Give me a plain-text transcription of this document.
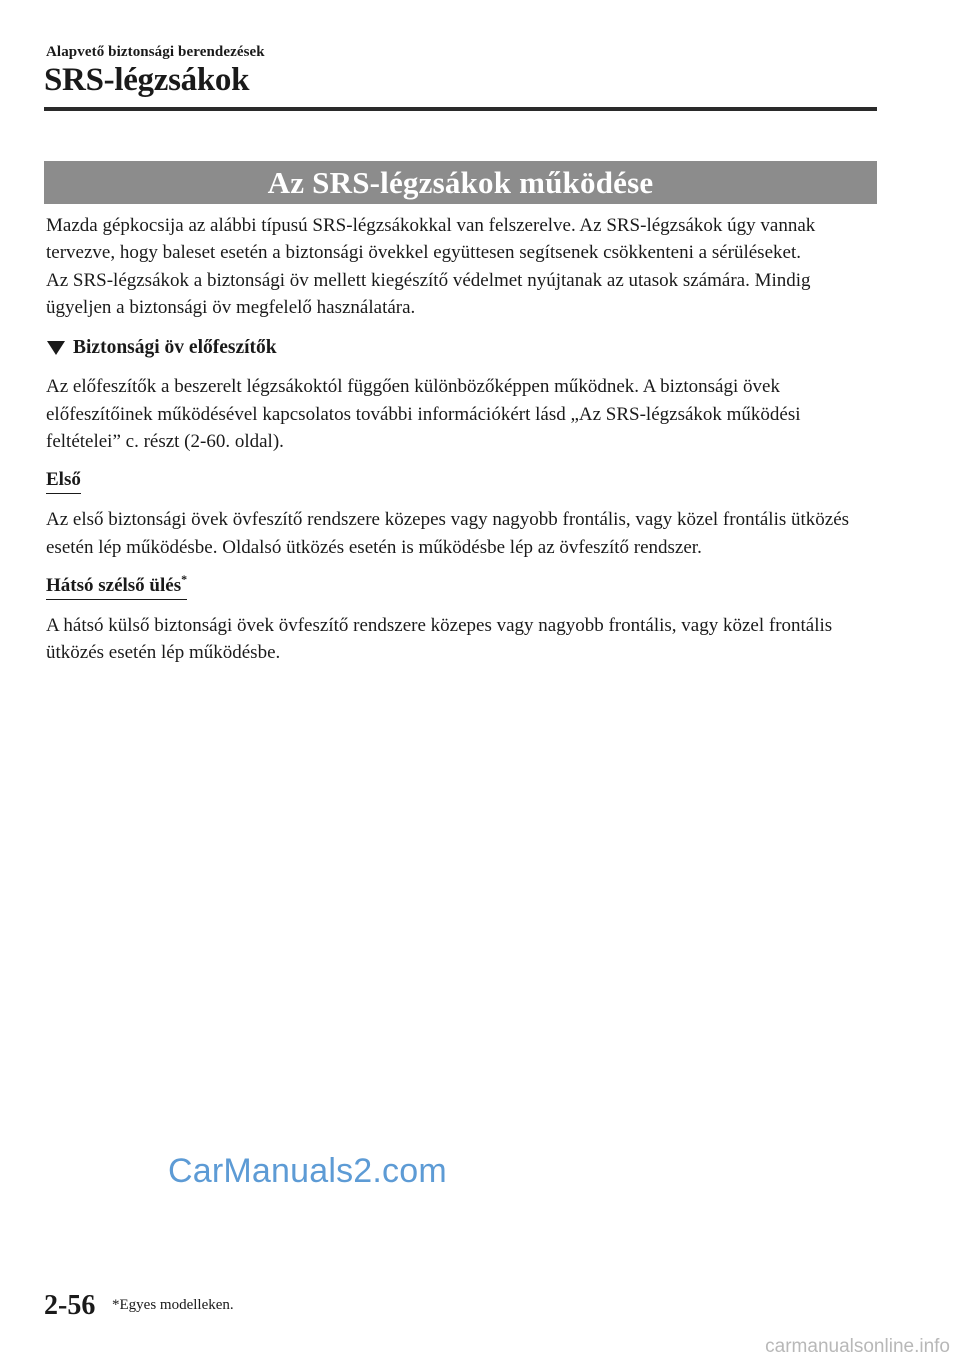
Alapvető biztonsági berendezések
SRS-légzsákok
Az SRS-légzsákok működése

Mazda gépkocsija az alábbi típusú SRS-légzsákokkal van felszerelve. Az SRS-légzsákok úgy vannak tervezve, hogy baleset esetén a biztonsági övekkel együttesen segítsenek csökkenteni a sérüléseket.

Az SRS-légzsákok a biztonsági öv mellett kiegészítő védelmet nyújtanak az utasok számára. Mindig ügyeljen a biztonsági öv megfelelő használatára.

Biztonsági öv előfeszítők

Az előfeszítők a beszerelt légzsákoktól függően különbözőképpen működnek. A biztonsági övek előfeszítőinek működésével kapcsolatos további információkért lásd „Az SRS-légzsákok működési feltételei” c. részt (2-60. oldal).

Első

Az első biztonsági övek övfeszítő rendszere közepes vagy nagyobb frontális, vagy közel frontális ütközés esetén lép működésbe. Oldalsó ütközés esetén is működésbe lép az övfeszítő rendszer.

Hátsó szélső ülés*

A hátsó külső biztonsági övek övfeszítő rendszere közepes vagy nagyobb frontális, vagy közel frontális ütközés esetén lép működésbe.

CarManuals2.com
2-56 *Egyes modelleken.
carmanualsonline.info
